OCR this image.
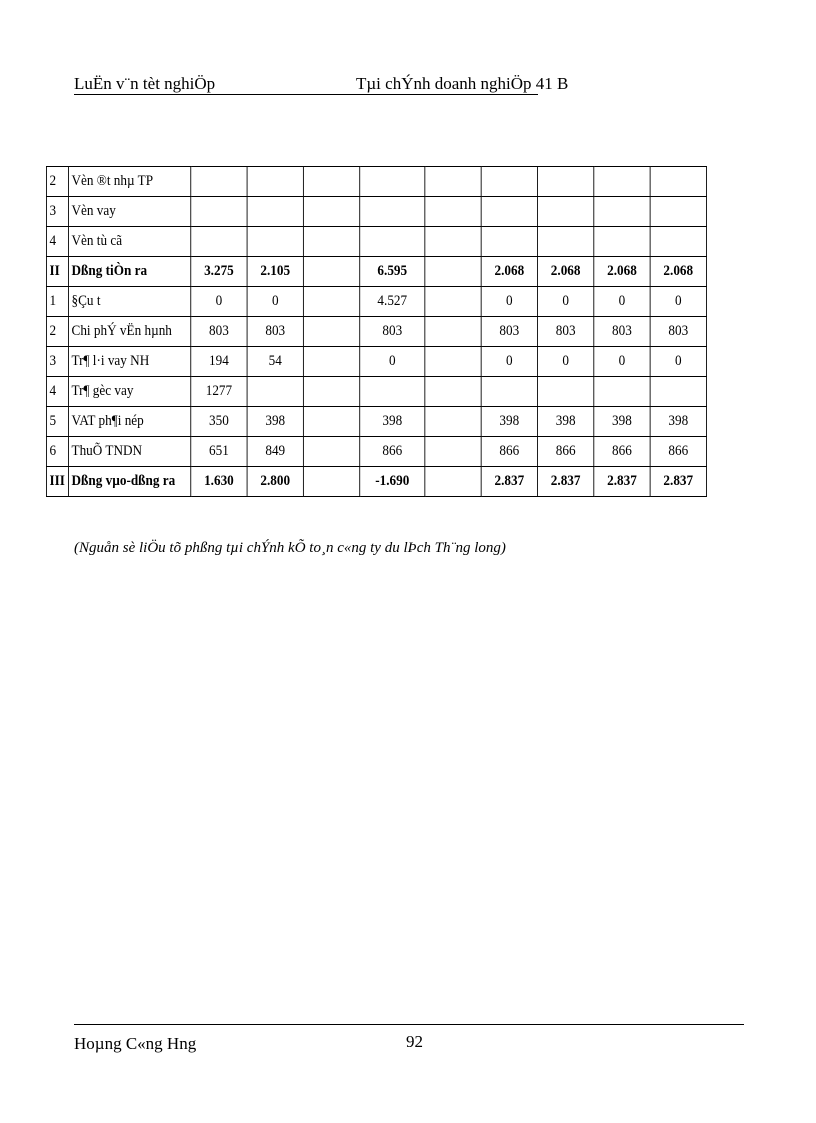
LuËn v¨n tèt nghiÖp	Tµi chÝnh doanh nghiÖp 41 B
2	Vèn ®t nhµ TP									
3	Vèn vay									
4	Vèn tù cã									
II	Dßng tiÒn ra	3.275	2.105		6.595		2.068	2.068	2.068	2.068
1	§Çu t	0	0		4.527		0	0	0	0
2	Chi phÝ vËn hµnh	803	803		803		803	803	803	803
3	Tr¶ l·i vay NH	194	54		0		0	0	0	0
4	Tr¶ gèc vay	1277								
5	VAT ph¶i nép	350	398		398		398	398	398	398
6	ThuÕ TNDN	651	849		866		866	866	866	866
III	Dßng vµo-dßng ra	1.630	2.800		-1.690		2.837	2.837	2.837	2.837
(Nguån sè liÖu tõ phßng tµi chÝnh kÕ to¸n c«ng ty du lÞch Th¨ng long)
Hoµng C«ng Hng	92
